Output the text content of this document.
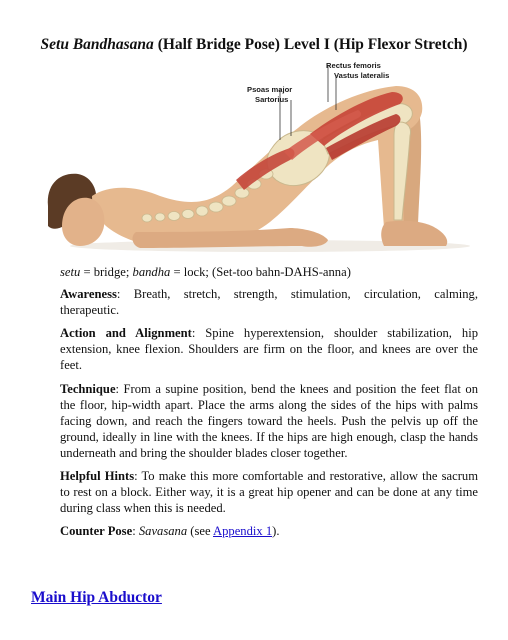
Setu Bandhasana (Half Bridge Pose) Level I (Hip Flexor Stretch)
Rectus femoris
Vastus lateralis
Psoas major
Sartorius

setu = bridge; bandha = lock; (Set-too bahn-DAHS-anna)

Awareness: Breath, stretch, strength, stimulation, circulation, calming, therapeutic.

Action and Alignment: Spine hyperextension, shoulder stabilization, hip extension, knee flexion. Shoulders are firm on the floor, and knees are over the feet.

Technique: From a supine position, bend the knees and position the feet flat on the floor, hip-width apart. Place the arms along the sides of the hips with palms facing down, and reach the fingers toward the heels. Push the pelvis up off the ground, ideally in line with the knees. If the hips are high enough, clasp the hands underneath and bring the shoulder blades closer together.

Helpful Hints: To make this more comfortable and restorative, allow the sacrum to rest on a block. Either way, it is a great hip opener and can be done at any time during class when this is needed.

Counter Pose: Savasana (see Appendix 1).

Main Hip Abductor
